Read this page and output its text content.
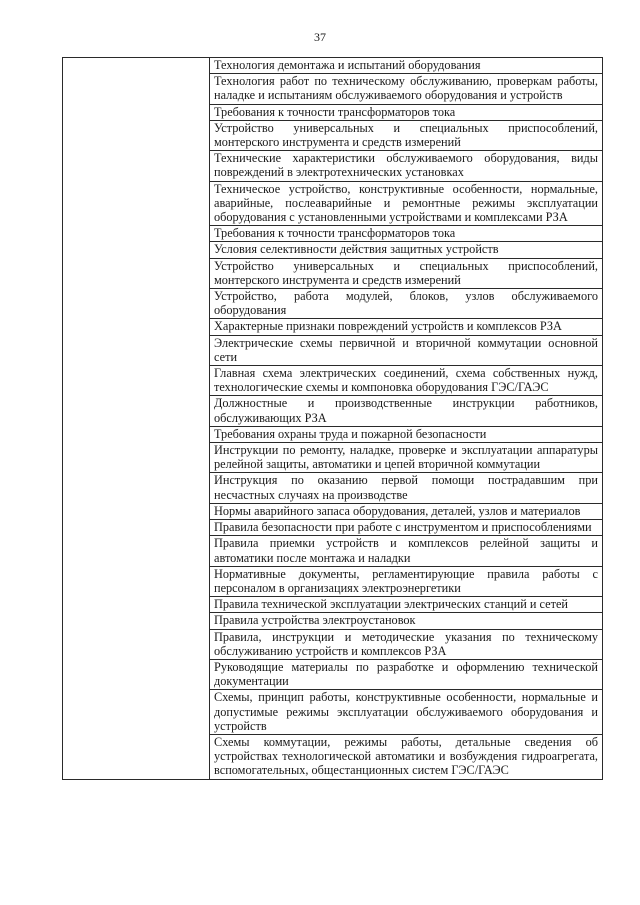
37
	Технология демонтажа и испытаний оборудования
Технология работ по техническому обслуживанию, проверкам работы, наладке и испытаниям обслуживаемого оборудования и устройств
Требования к точности трансформаторов тока
Устройство универсальных и специальных приспособлений, монтерского инструмента и средств измерений
Технические характеристики обслуживаемого оборудования, виды повреждений в электротехнических установках
Техническое устройство, конструктивные особенности, нормальные, аварийные, послеаварийные и ремонтные режимы эксплуатации оборудования с установленными устройствами и комплексами РЗА
Требования к точности трансформаторов тока
Условия селективности действия защитных устройств
Устройство универсальных и специальных приспособлений, монтерского инструмента и средств измерений
Устройство, работа модулей, блоков, узлов обслуживаемого оборудования
Характерные признаки повреждений устройств и комплексов РЗА
Электрические схемы первичной и вторичной коммутации основной сети
Главная схема электрических соединений, схема собственных нужд, технологические схемы и компоновка оборудования ГЭС/ГАЭС
Должностные и производственные инструкции работников, обслуживающих РЗА
Требования охраны труда и пожарной безопасности
Инструкции по ремонту, наладке, проверке и эксплуатации аппаратуры релейной защиты, автоматики и цепей вторичной коммутации
Инструкция по оказанию первой помощи пострадавшим при несчастных случаях на производстве
Нормы аварийного запаса оборудования, деталей, узлов и материалов
Правила безопасности при работе с инструментом и приспособлениями
Правила приемки устройств и комплексов релейной защиты и автоматики после монтажа и наладки
Нормативные документы, регламентирующие правила работы с персоналом в организациях электроэнергетики
Правила технической эксплуатации электрических станций и сетей
Правила устройства электроустановок
Правила, инструкции и методические указания по техническому обслуживанию устройств и комплексов РЗА
Руководящие материалы по разработке и оформлению технической документации
Схемы, принцип работы, конструктивные особенности, нормальные и допустимые режимы эксплуатации обслуживаемого оборудования и устройств
Схемы коммутации, режимы работы, детальные сведения об устройствах технологической автоматики и возбуждения гидроагрегата, вспомогательных, общестанционных систем ГЭС/ГАЭС
